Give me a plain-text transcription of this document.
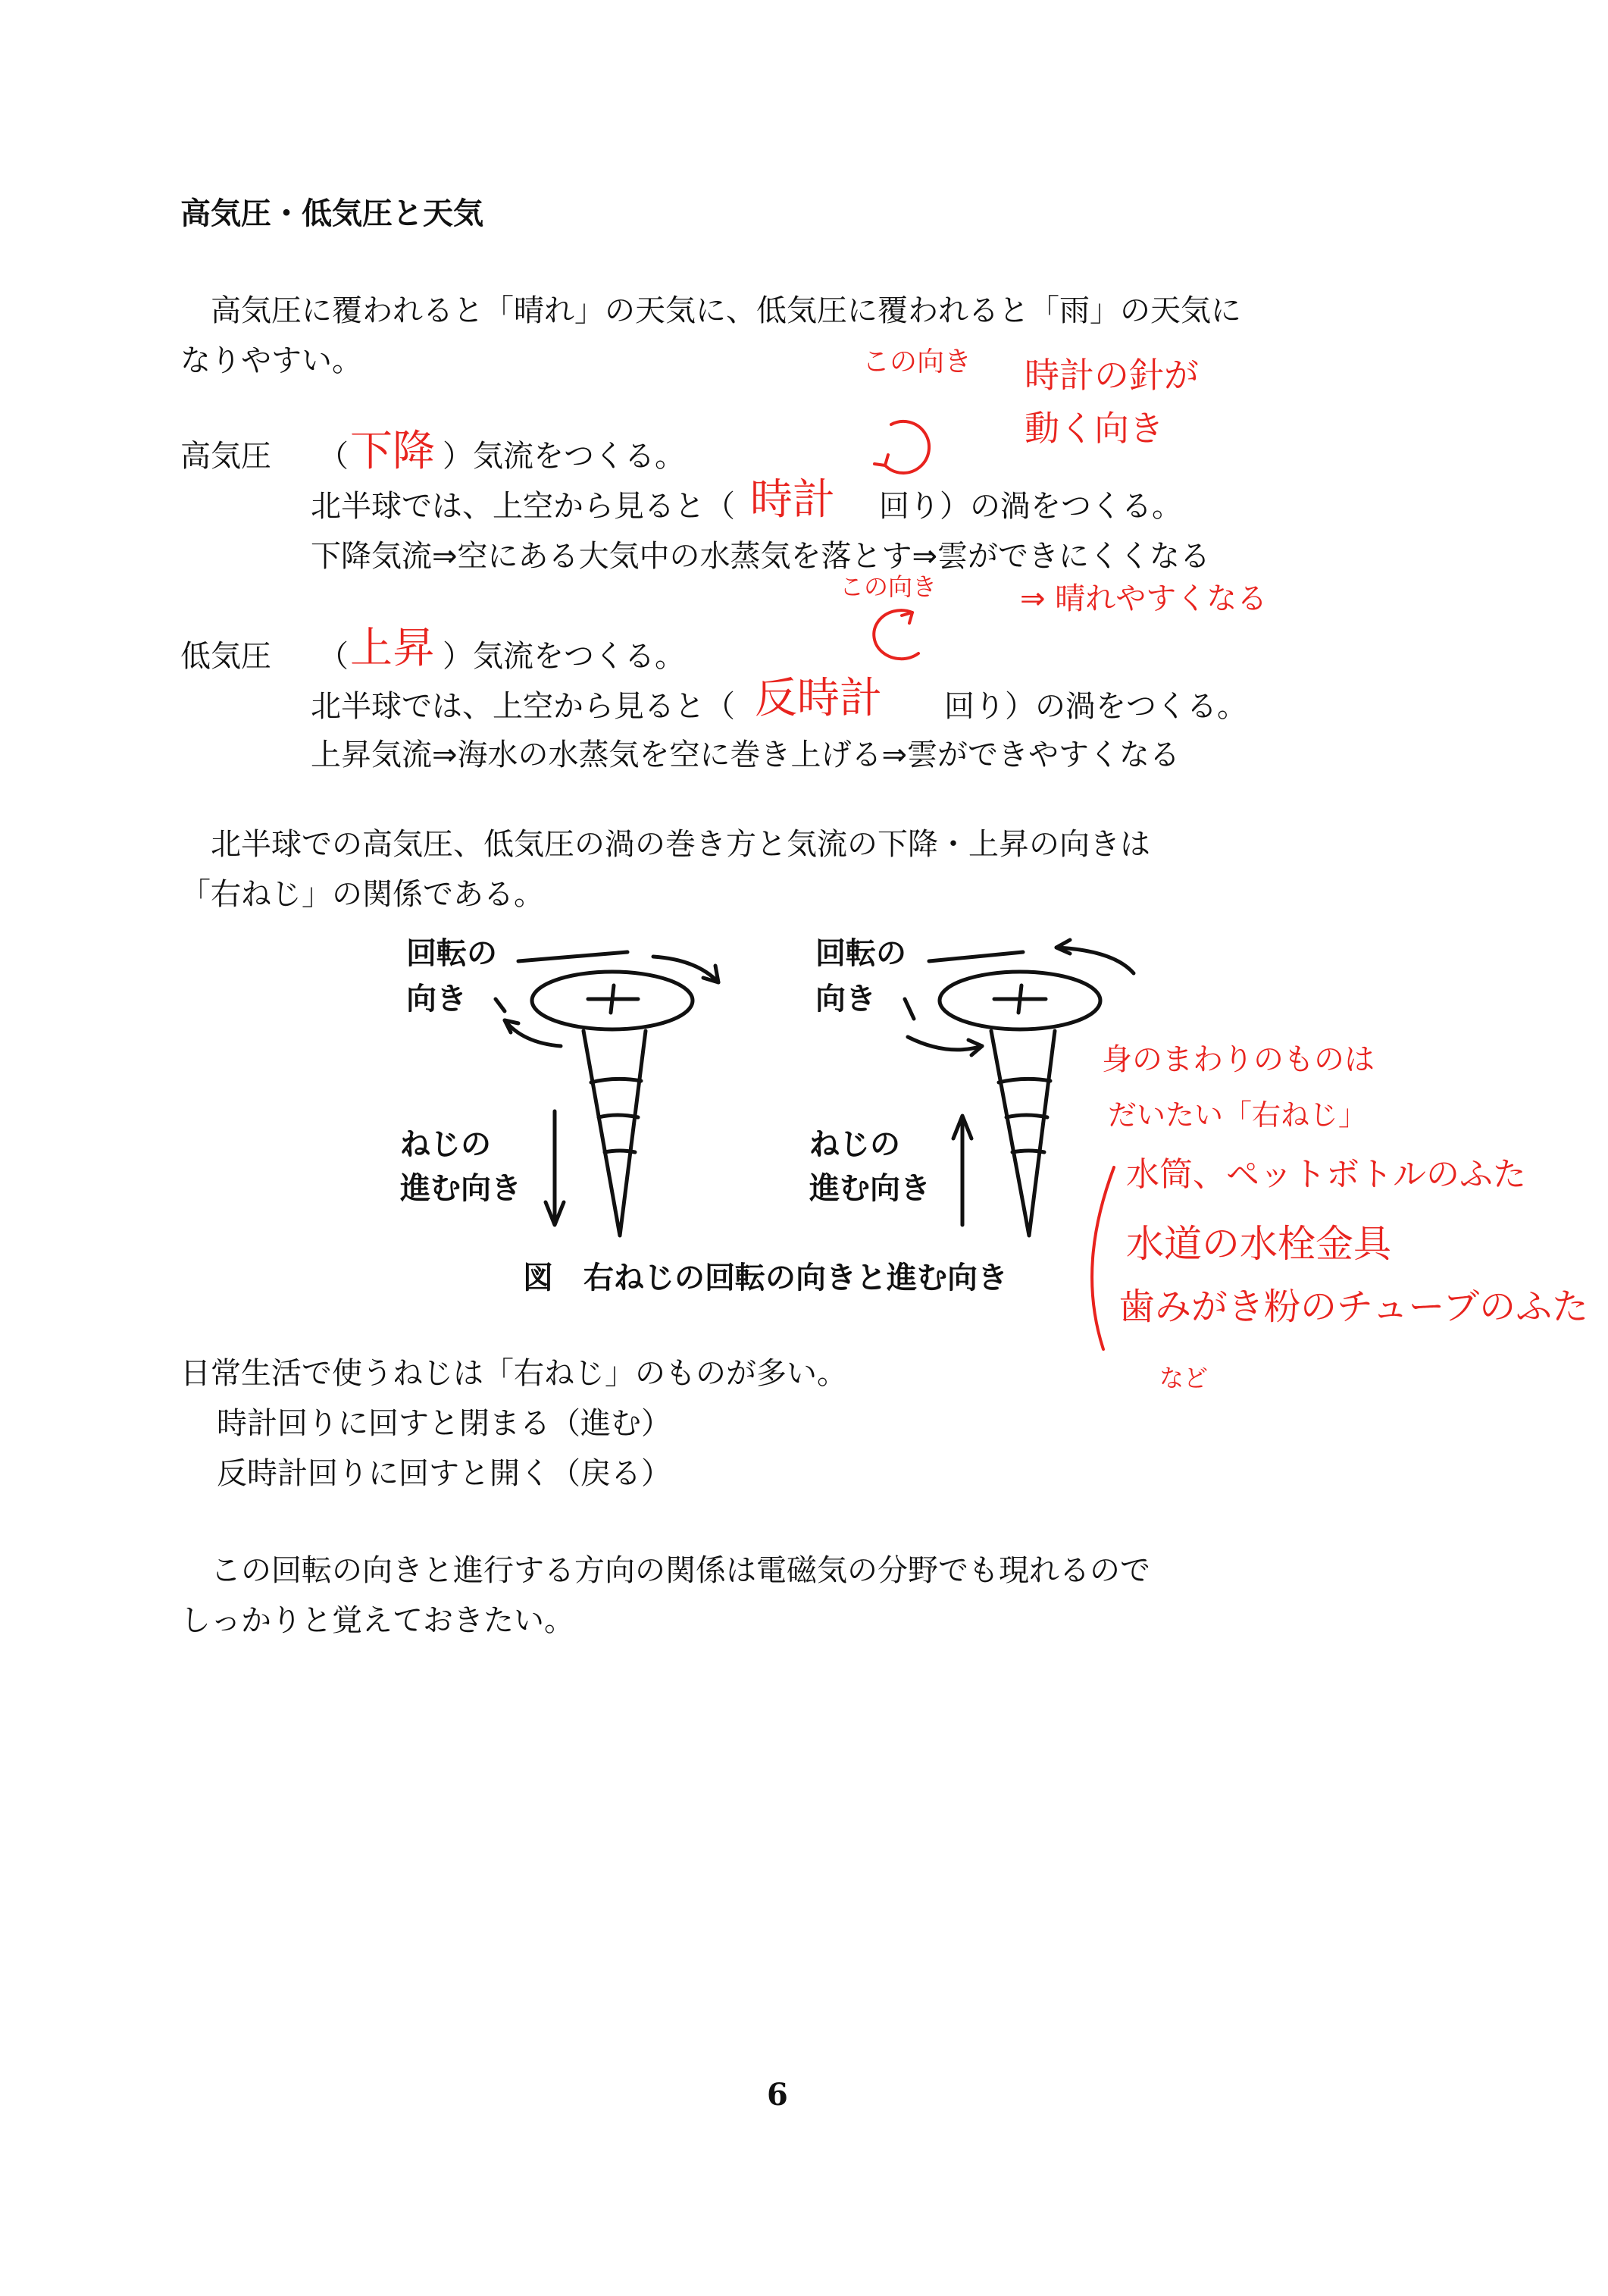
高気圧・低気圧と天気
高気圧に覆われると「晴れ」の天気に、低気圧に覆われると「雨」の天気に
なりやすい。
高気圧 （ 下降 ）気流をつくる。
北半球では、上空から見ると（ 時計 回り）の渦をつくる。
下降気流⇒空にある大気中の水蒸気を落とす⇒雲ができにくくなる
低気圧 （ 上昇 ）気流をつくる。
北半球では、上空から見ると（ 反時計 回り）の渦をつくる。
上昇気流⇒海水の水蒸気を空に巻き上げる⇒雲ができやすくなる
この向き 時計の針が
動く向き
この向き	⇒ 晴れやすくなる
北半球での高気圧、低気圧の渦の巻き方と気流の下降・上昇の向きは
「右ねじ」の関係である。
回転の
向き
ねじの
進む向き
回転の
向き
ねじの
進む向き
図　右ねじの回転の向きと進む向き
身のまわりのものは
だいたい「右ねじ」
水筒、ペットボトルのふた
水道の水栓金具
歯みがき粉のチューブのふた
など
日常生活で使うねじは「右ねじ」のものが多い。
時計回りに回すと閉まる（進む）
反時計回りに回すと開く（戻る）
この回転の向きと進行する方向の関係は電磁気の分野でも現れるので
しっかりと覚えておきたい。
6
